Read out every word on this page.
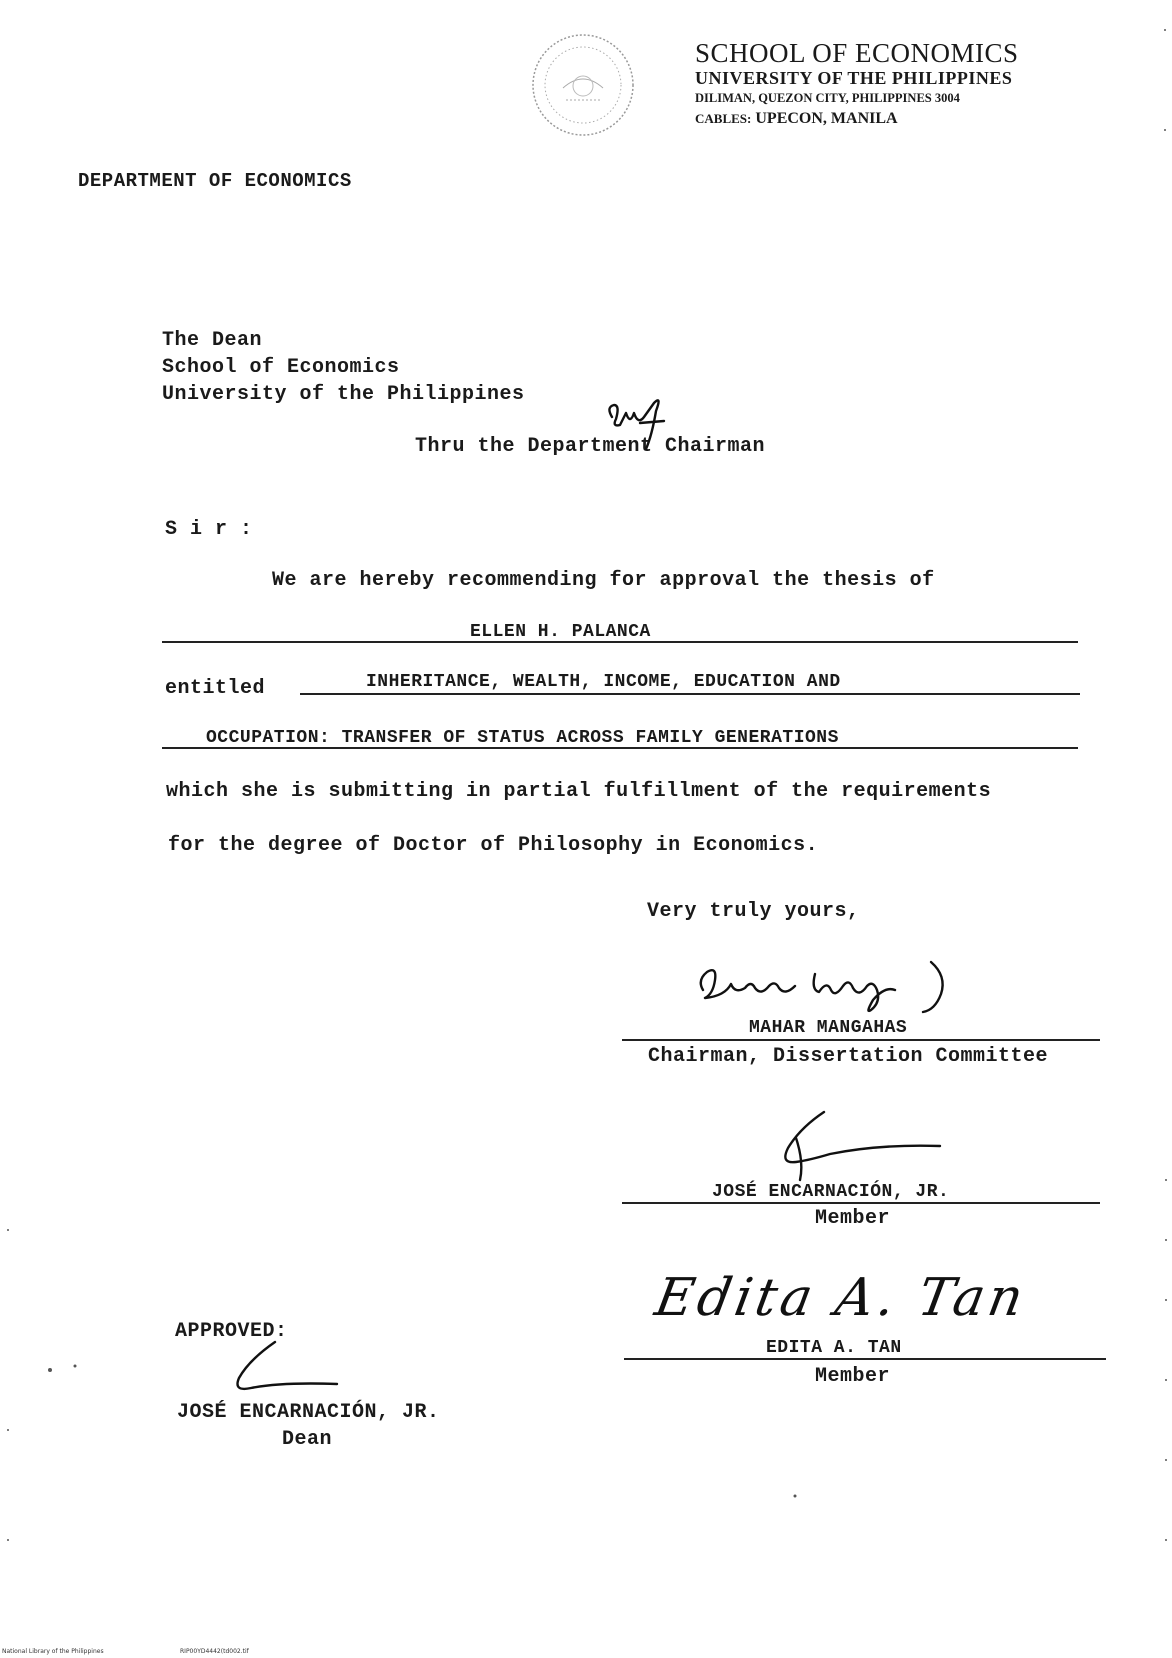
SCHOOL OF ECONOMICS
UNIVERSITY OF THE PHILIPPINES
DILIMAN, QUEZON CITY, PHILIPPINES 3004
CABLES: UPECON, MANILA
DEPARTMENT OF ECONOMICS
The Dean
School of Economics
University of the Philippines
Thru the Department Chairman
S i r :
We are hereby recommending for approval the thesis of
ELLEN H. PALANCA
entitled	INHERITANCE, WEALTH, INCOME, EDUCATION AND
OCCUPATION: TRANSFER OF STATUS ACROSS FAMILY GENERATIONS
which she is submitting in partial fulfillment of the requirements
for the degree of Doctor of Philosophy in Economics.
Very truly yours,
MAHAR MANGAHAS
Chairman, Dissertation Committee
JOSÉ ENCARNACIÓN, JR.
Member
Edita A. Tan
EDITA A. TAN
Member
APPROVED:
JOSÉ ENCARNACIÓN, JR.
Dean
National Library of the Philippines	RIP00YD4442(td002.tif
